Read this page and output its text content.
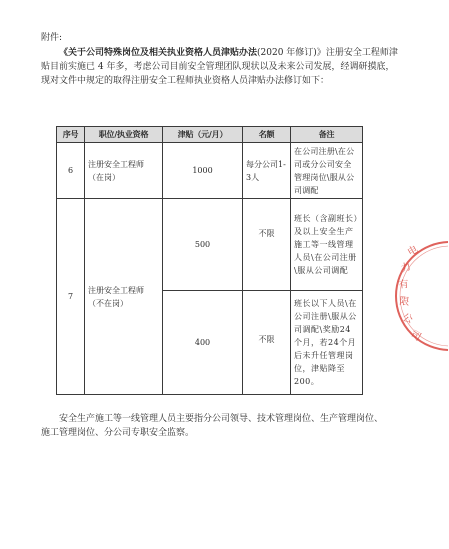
附件:
《关于公司特殊岗位及相关执业资格人员津贴办法(2020 年修订)》注册安全工程师津贴目前实施已 4 年多，考虑公司目前安全管理团队现状以及未来公司发展，经调研摸底，现对文件中规定的取得注册安全工程师执业资格人员津贴办法修订如下：
序号	职位/执业资格	津贴（元/月）	名额	备注
6	注册安全工程师（在岗）	1000	每分公司1-3人	在公司注册\在公司或分公司安全管理岗位\服从公司调配
7	注册安全工程师（不在岗）	500	不限	班长（含副班长）及以上安全生产施工等一线管理人员\在公司注册\服从公司调配
		400	不限	班长以下人员\在公司注册\服从公司调配\奖励24个月，若24个月后未升任管理岗位，津贴降至200。
安全生产施工等一线管理人员主要指分公司领导、技术管理岗位、生产管理岗位、施工管理岗位、分公司专职安全监察。
电
力
有
限
公
司
